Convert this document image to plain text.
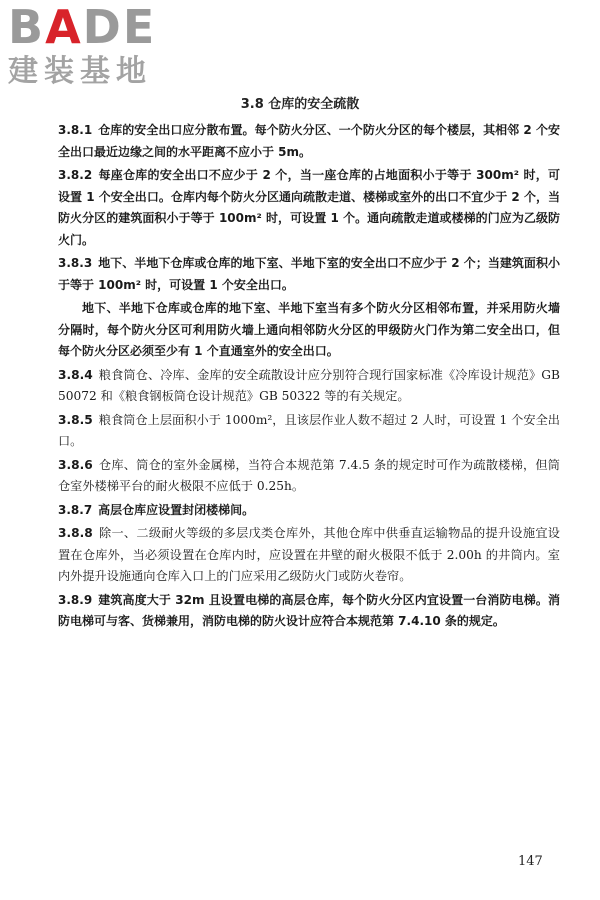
BADE
建装基地
3.8 仓库的安全疏散

3.8.1 仓库的安全出口应分散布置。每个防火分区、一个防火分区的每个楼层，其相邻 2 个安全出口最近边缘之间的水平距离不应小于 5m。

3.8.2 每座仓库的安全出口不应少于 2 个，当一座仓库的占地面积小于等于 300m² 时，可设置 1 个安全出口。仓库内每个防火分区通向疏散走道、楼梯或室外的出口不宜少于 2 个，当防火分区的建筑面积小于等于 100m² 时，可设置 1 个。通向疏散走道或楼梯的门应为乙级防火门。

3.8.3 地下、半地下仓库或仓库的地下室、半地下室的安全出口不应少于 2 个；当建筑面积小于等于 100m² 时，可设置 1 个安全出口。

地下、半地下仓库或仓库的地下室、半地下室当有多个防火分区相邻布置，并采用防火墙分隔时，每个防火分区可利用防火墙上通向相邻防火分区的甲级防火门作为第二安全出口，但每个防火分区必须至少有 1 个直通室外的安全出口。

3.8.4 粮食筒仓、冷库、金库的安全疏散设计应分别符合现行国家标准《冷库设计规范》GB 50072 和《粮食钢板筒仓设计规范》GB 50322 等的有关规定。

3.8.5 粮食筒仓上层面积小于 1000m²，且该层作业人数不超过 2 人时，可设置 1 个安全出口。

3.8.6 仓库、筒仓的室外金属梯，当符合本规范第 7.4.5 条的规定时可作为疏散楼梯，但筒仓室外楼梯平台的耐火极限不应低于 0.25h。

3.8.7 高层仓库应设置封闭楼梯间。

3.8.8 除一、二级耐火等级的多层戊类仓库外，其他仓库中供垂直运输物品的提升设施宜设置在仓库外，当必须设置在仓库内时，应设置在井壁的耐火极限不低于 2.00h 的井筒内。室内外提升设施通向仓库入口上的门应采用乙级防火门或防火卷帘。

3.8.9 建筑高度大于 32m 且设置电梯的高层仓库，每个防火分区内宜设置一台消防电梯。消防电梯可与客、货梯兼用，消防电梯的防火设计应符合本规范第 7.4.10 条的规定。

147
